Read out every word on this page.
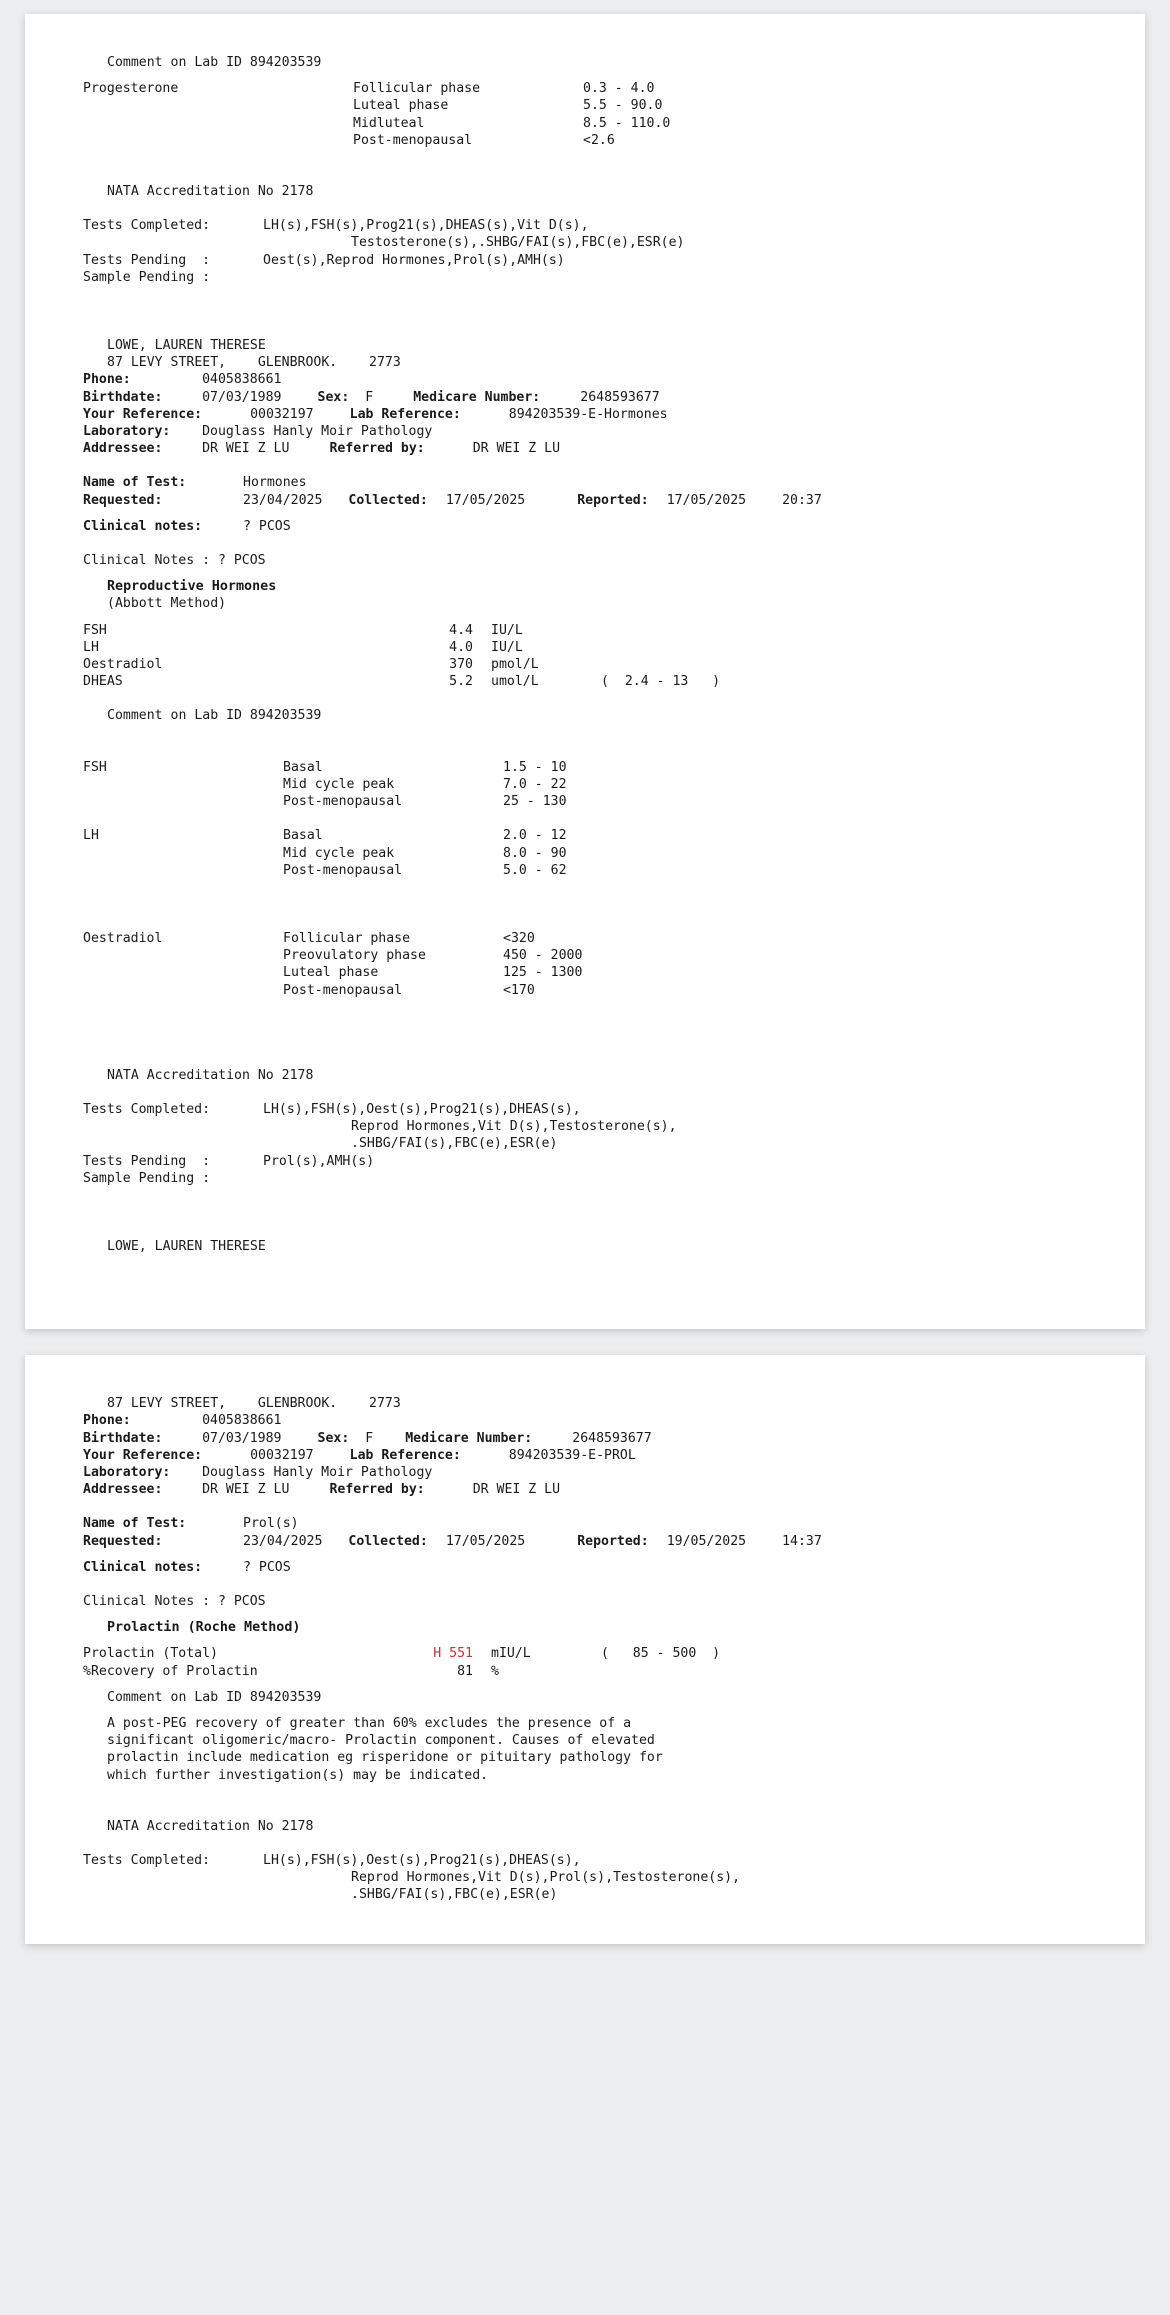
Comment on Lab ID 894203539
Progesterone	Follicular phase	0.3 - 4.0
	Luteal phase	5.5 - 90.0
	Midluteal	8.5 - 110.0
	Post-menopausal	<2.6
NATA Accreditation No 2178
Tests Completed:	LH(s),FSH(s),Prog21(s),DHEAS(s),Vit D(s),
	Testosterone(s),.SHBG/FAI(s),FBC(e),ESR(e)
Tests Pending  :	Oest(s),Reprod Hormones,Prol(s),AMH(s)
Sample Pending :	
LOWE, LAUREN THERESE
87 LEVY STREET,    GLENBROOK.    2773
Phone:	0405838661
Birthdate:	07/03/1989 Sex: F Medicare Number: 2648593677
Your Reference:	00032197 Lab Reference: 894203539-E-Hormones
Laboratory:	Douglass Hanly Moir Pathology
Addressee:	DR WEI Z LU Referred by: DR WEI Z LU
Name of Test:	Hormones
Requested:	23/04/2025 Collected: 17/05/2025 Reported: 17/05/2025 20:37
Clinical notes:	? PCOS
Clinical Notes : ? PCOS
Reproductive Hormones
(Abbott Method)
FSH	4.4	IU/L	
LH	4.0	IU/L	
Oestradiol	370	pmol/L	
DHEAS	5.2	umol/L	(  2.4 - 13   )
Comment on Lab ID 894203539
FSH	Basal	1.5 - 10
	Mid cycle peak	7.0 - 22
	Post-menopausal	25 - 130
LH	Basal	2.0 - 12
	Mid cycle peak	8.0 - 90
	Post-menopausal	5.0 - 62
Oestradiol	Follicular phase	<320
	Preovulatory phase	450 - 2000
	Luteal phase	125 - 1300
	Post-menopausal	<170
NATA Accreditation No 2178
Tests Completed:	LH(s),FSH(s),Oest(s),Prog21(s),DHEAS(s),
	Reprod Hormones,Vit D(s),Testosterone(s),
	.SHBG/FAI(s),FBC(e),ESR(e)
Tests Pending  :	Prol(s),AMH(s)
Sample Pending :	
LOWE, LAUREN THERESE
87 LEVY STREET,    GLENBROOK.    2773
Phone:	0405838661
Birthdate:	07/03/1989 Sex: F Medicare Number: 2648593677
Your Reference:	00032197 Lab Reference: 894203539-E-PROL
Laboratory:	Douglass Hanly Moir Pathology
Addressee:	DR WEI Z LU Referred by: DR WEI Z LU
Name of Test:	Prol(s)
Requested:	23/04/2025 Collected: 17/05/2025 Reported: 19/05/2025 14:37
Clinical notes:	? PCOS
Clinical Notes : ? PCOS
Prolactin (Roche Method)
Prolactin (Total)	H 551	mIU/L	(   85 - 500  )
%Recovery of Prolactin	81	%	
Comment on Lab ID 894203539
A post-PEG recovery of greater than 60% excludes the presence of a
significant oligomeric/macro- Prolactin component. Causes of elevated
prolactin include medication eg risperidone or pituitary pathology for
which further investigation(s) may be indicated.
NATA Accreditation No 2178
Tests Completed:	LH(s),FSH(s),Oest(s),Prog21(s),DHEAS(s),
	Reprod Hormones,Vit D(s),Prol(s),Testosterone(s),
	.SHBG/FAI(s),FBC(e),ESR(e)
